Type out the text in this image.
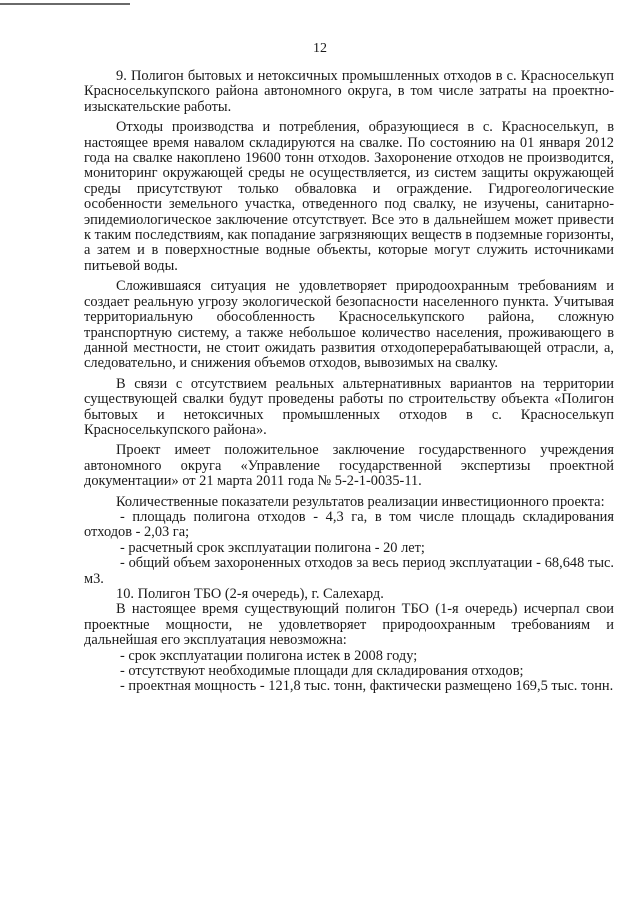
12

9. Полигон бытовых и нетоксичных промышленных отходов в с. Красноселькуп Красноселькупского района автономного округа, в том числе затраты на проектно-изыскательские работы.

Отходы производства и потребления, образующиеся в с. Красноселькуп, в настоящее время навалом складируются на свалке. По состоянию на 01 января 2012 года на свалке накоплено 19600 тонн отходов. Захоронение отходов не производится, мониторинг окружающей среды не осуществляется, из систем защиты окружающей среды присутствуют только обваловка и ограждение. Гидрогеологические особенности земельного участка, отведенного под свалку, не изучены, санитарно-эпидемиологическое заключение отсутствует. Все это в дальнейшем может привести к таким последствиям, как попадание загрязняющих веществ в подземные горизонты, а затем и в поверхностные водные объекты, которые могут служить источниками питьевой воды.

Сложившаяся ситуация не удовлетворяет природоохранным требованиям и создает реальную угрозу экологической безопасности населенного пункта. Учитывая территориальную обособленность Красноселькупского района, сложную транспортную систему, а также небольшое количество населения, проживающего в данной местности, не стоит ожидать развития отходоперерабатывающей отрасли, а, следовательно, и снижения объемов отходов, вывозимых на свалку.

В связи с отсутствием реальных альтернативных вариантов на территории существующей свалки будут проведены работы по строительству объекта «Полигон бытовых и нетоксичных промышленных отходов в с. Красноселькуп Красноселькупского района».

Проект имеет положительное заключение государственного учреждения автономного округа «Управление государственной экспертизы проектной документации» от 21 марта 2011 года № 5-2-1-0035-11.

Количественные показатели результатов реализации инвестиционного проекта:

- площадь полигона отходов - 4,3 га, в том числе площадь складирования отходов - 2,03 га;

- расчетный срок эксплуатации полигона - 20 лет;

- общий объем захороненных отходов за весь период эксплуатации - 68,648 тыс. м3.

10. Полигон ТБО (2-я очередь), г. Салехард.

В настоящее время существующий полигон ТБО (1-я очередь) исчерпал свои проектные мощности, не удовлетворяет природоохранным требованиям и дальнейшая его эксплуатация невозможна:

- срок эксплуатации полигона истек в 2008 году;

- отсутствуют необходимые площади для складирования отходов;

- проектная мощность - 121,8 тыс. тонн, фактически размещено 169,5 тыс. тонн.
